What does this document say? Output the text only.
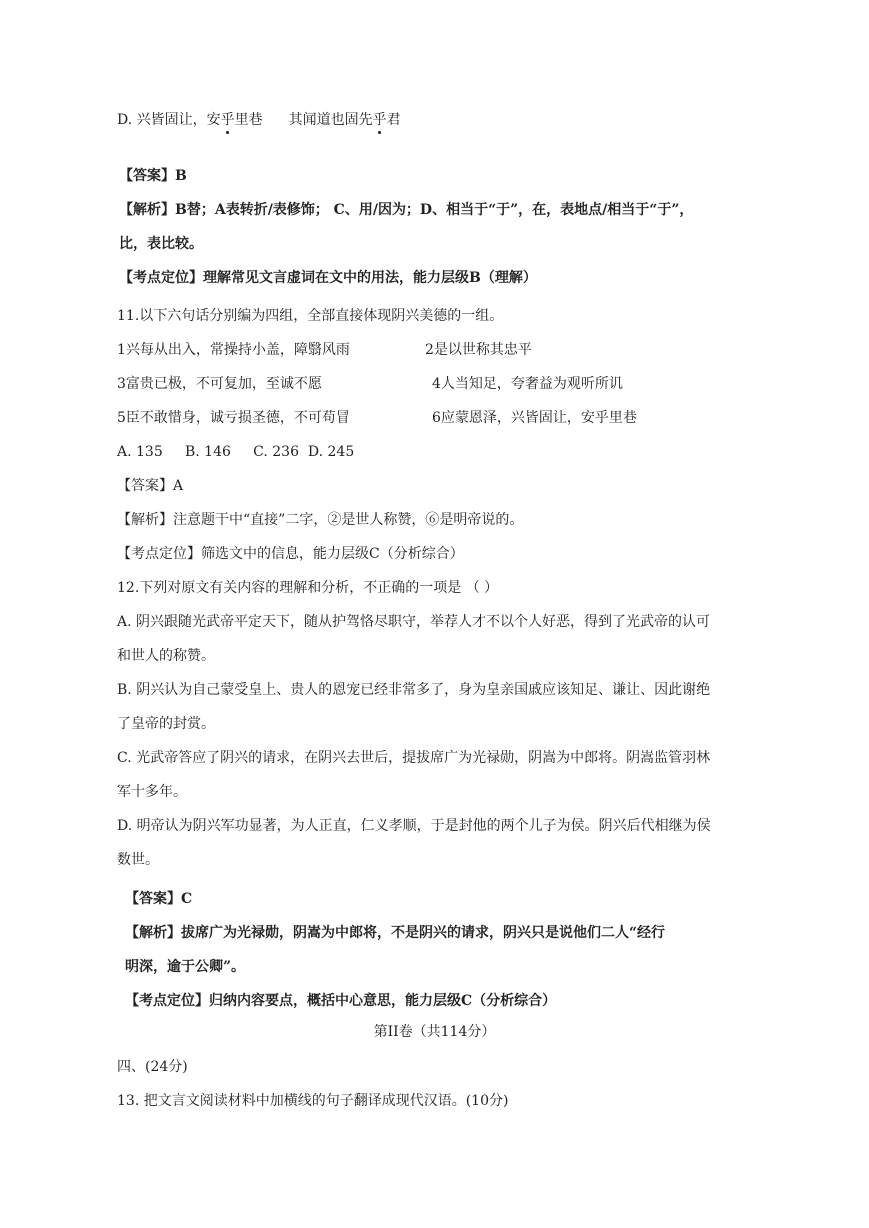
D. 兴皆固让，安乎里巷 其闻道也固先乎君
【答案】B
【解析】B替；A表转折/表修饰； C、用/因为；D、相当于“于”，在，表地点/相当于“于”，
比，表比较。
【考点定位】理解常见文言虚词在文中的用法，能力层级B（理解）
11.以下六句话分别编为四组，全部直接体现阴兴美德的一组。
1兴每从出入，常操持小盖，障翳风雨	2是以世称其忠平
3富贵已极，不可复加，至诚不愿	4人当知足，夸奢益为观听所讥
5臣不敢惜身，诚亏损圣德，不可苟冒	6应蒙恩泽，兴皆固让，安乎里巷
A. 135     B. 146     C. 236  D. 245
【答案】A
【解析】注意题干中“直接”二字，②是世人称赞，⑥是明帝说的。
【考点定位】筛选文中的信息，能力层级C（分析综合）
12.下列对原文有关内容的理解和分析，不正确的一项是 （ ）
A. 阴兴跟随光武帝平定天下，随从护驾恪尽职守，举荐人才不以个人好恶，得到了光武帝的认可
和世人的称赞。
B. 阴兴认为自己蒙受皇上、贵人的恩宠已经非常多了，身为皇亲国戚应该知足、谦让、因此谢绝
了皇帝的封赏。
C. 光武帝答应了阴兴的请求，在阴兴去世后，提拔席广为光禄勋，阴嵩为中郎将。阴嵩监管羽林
军十多年。
D. 明帝认为阴兴军功显著，为人正直，仁义孝顺，于是封他的两个儿子为侯。阴兴后代相继为侯
数世。
【答案】C
【解析】拔席广为光禄勋，阴嵩为中郎将，不是阴兴的请求，阴兴只是说他们二人“经行
明深，逾于公卿”。
【考点定位】归纳内容要点，概括中心意思，能力层级C（分析综合）
第II卷（共114分）
四、(24分)
13. 把文言文阅读材料中加横线的句子翻译成现代汉语。(10分)
